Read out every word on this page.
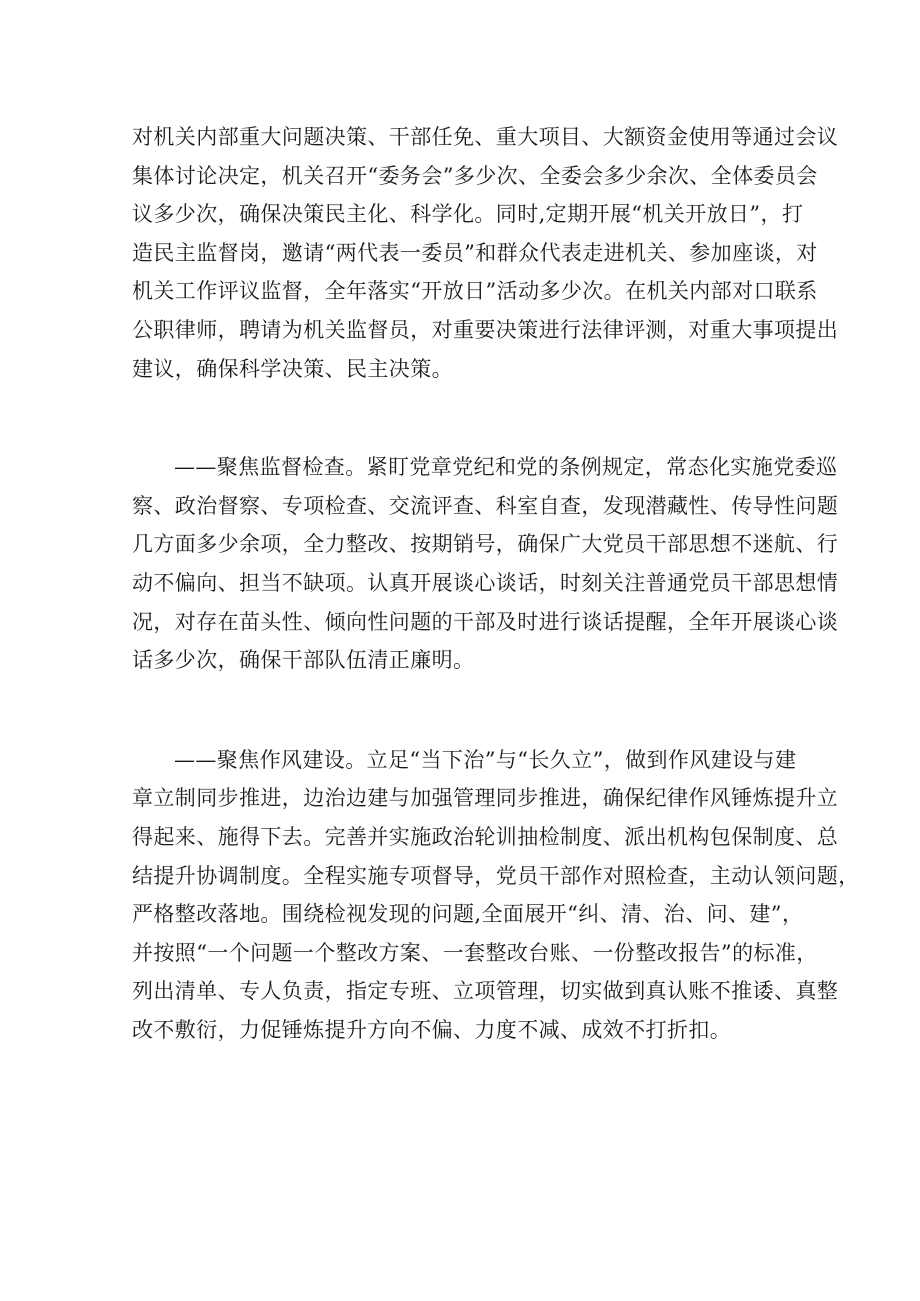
对机关内部重大问题决策、干部任免、重大项目、大额资金使用等通过会议
集体讨论决定，机关召开“委务会”多少次、全委会多少余次、全体委员会
议多少次，确保决策民主化、科学化。同时,定期开展“机关开放日”，打
造民主监督岗，邀请“两代表一委员”和群众代表走进机关、参加座谈，对
机关工作评议监督，全年落实“开放日”活动多少次。在机关内部对口联系
公职律师，聘请为机关监督员，对重要决策进行法律评测，对重大事项提出
建议，确保科学决策、民主决策。
——聚焦监督检查。紧盯党章党纪和党的条例规定，常态化实施党委巡
察、政治督察、专项检查、交流评查、科室自查，发现潜藏性、传导性问题
几方面多少余项，全力整改、按期销号，确保广大党员干部思想不迷航、行
动不偏向、担当不缺项。认真开展谈心谈话，时刻关注普通党员干部思想情
况，对存在苗头性、倾向性问题的干部及时进行谈话提醒，全年开展谈心谈
话多少次，确保干部队伍清正廉明。
——聚焦作风建设。立足“当下治”与“长久立”，做到作风建设与建
章立制同步推进，边治边建与加强管理同步推进，确保纪律作风锤炼提升立
得起来、施得下去。完善并实施政治轮训抽检制度、派出机构包保制度、总
结提升协调制度。全程实施专项督导，党员干部作对照检查，主动认领问题，
严格整改落地。围绕检视发现的问题,全面展开“纠、清、治、问、建”，
并按照“一个问题一个整改方案、一套整改台账、一份整改报告”的标准，
列出清单、专人负责，指定专班、立项管理，切实做到真认账不推诿、真整
改不敷衍，力促锤炼提升方向不偏、力度不减、成效不打折扣。
